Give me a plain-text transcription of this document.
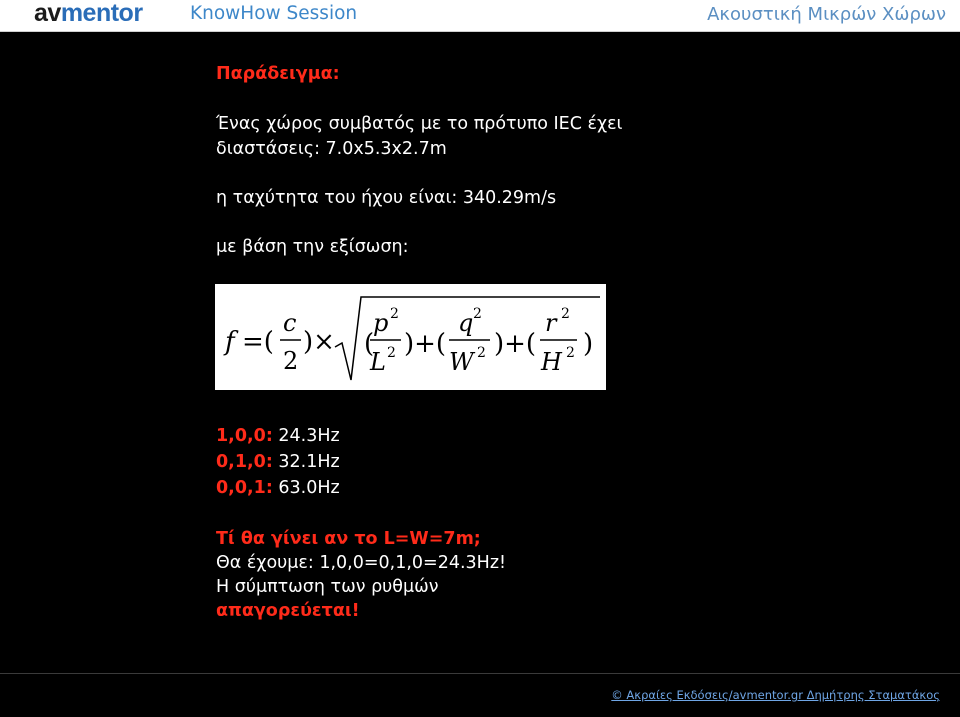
avmentor	KnowHow Session	Ακουστική Μικρών Χώρων
Παράδειγμα:
Ένας χώρος συμβατός με το πρότυπο IEC έχει
διαστάσεις: 7.0x5.3x2.7m
η ταχύτητα του ήχου είναι: 340.29m/s
με βάση την εξίσωση:
f =(
c
2
)× (
p 2
L 2 )+(
q 2
W 2 )+(
r 2
H 2 )
1,0,0: 24.3Hz
0,1,0: 32.1Hz
0,0,1: 63.0Hz
Τί θα γίνει αν το L=W=7m;
Θα έχουμε: 1,0,0=0,1,0=24.3Hz!
Η σύμπτωση των ρυθμών
απαγορεύεται!
© Ακραίες Εκδόσεις/avmentor.gr Δημήτρης Σταματάκος
